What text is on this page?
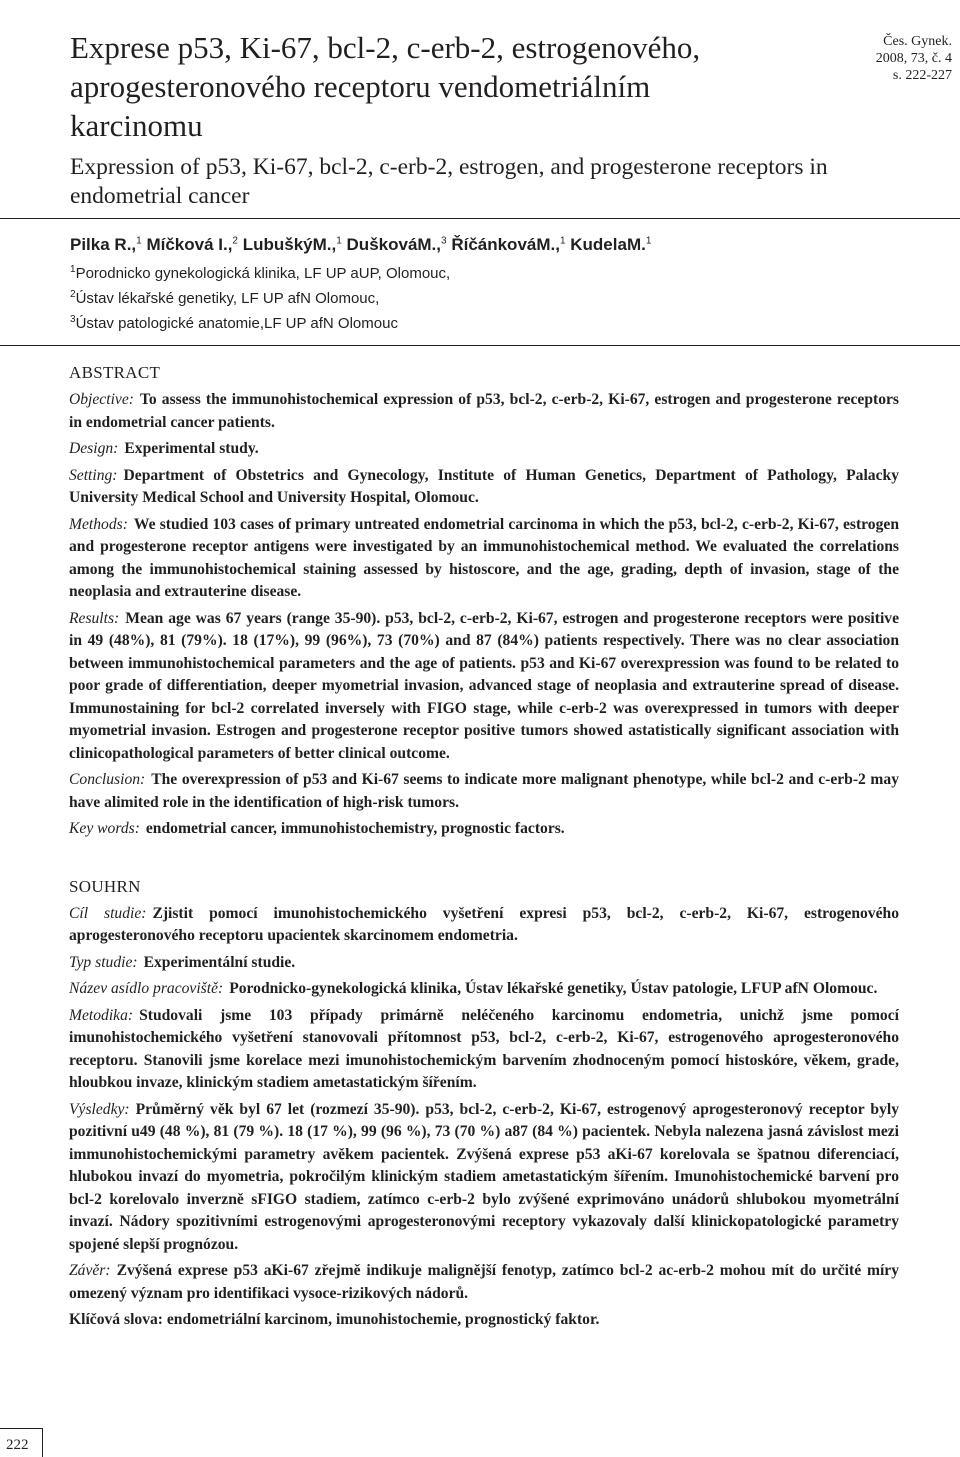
Exprese p53, Ki-67, bcl-2, c-erb-2, estrogenového, aprogesteronového receptoru vendometriálním karcinomu
Čes. Gynek.
2008, 73, č. 4
s. 222-227
Expression of p53, Ki-67, bcl-2, c-erb-2, estrogen, and progesterone receptors in endometrial cancer
Pilka R.,$^1$ Míčková I.,$^2$ LubuškýM.,$^1$ DuškováM.,$^3$ ŘíčánkováM.,$^1$ KudelaM.$^1$
$^1$Porodnicko gynekologická klinika, LF UP aUP, Olomouc,
$^2$Ústav lékařské genetiky, LF UP afN Olomouc,
$^3$Ústav patologické anatomie,LF UP afN Olomouc
ABSTRACT

Objective: To assess the immunohistochemical expression of p53, bcl-2, c-erb-2, Ki-67, estrogen and progesterone receptors in endometrial cancer patients.

Design: Experimental study.

Setting: Department of Obstetrics and Gynecology, Institute of Human Genetics, Department of Pathology, Palacky University Medical School and University Hospital, Olomouc.

Methods: We studied 103 cases of primary untreated endometrial carcinoma in which the p53, bcl-2, c-erb-2, Ki-67, estrogen and progesterone receptor antigens were investigated by an immunohistochemical method. We evaluated the correlations among the immunohistochemical staining assessed by histoscore, and the age, grading, depth of invasion, stage of the neoplasia and extrauterine disease.

Results: Mean age was 67 years (range 35-90). p53, bcl-2, c-erb-2, Ki-67, estrogen and progesterone receptors were positive in 49 (48%), 81 (79%). 18 (17%), 99 (96%), 73 (70%) and 87 (84%) patients respectively. There was no clear association between immunohistochemical parameters and the age of patients. p53 and Ki-67 overexpression was found to be related to poor grade of differentiation, deeper myometrial invasion, advanced stage of neoplasia and extrauterine spread of disease. Immunostaining for bcl-2 correlated inversely with FIGO stage, while c-erb-2 was overexpressed in tumors with deeper myometrial invasion. Estrogen and progesterone receptor positive tumors showed astatistically significant association with clinicopathological parameters of better clinical outcome.

Conclusion: The overexpression of p53 and Ki-67 seems to indicate more malignant phenotype, while bcl-2 and c-erb-2 may have alimited role in the identification of high-risk tumors.

Key words: endometrial cancer, immunohistochemistry, prognostic factors.

SOUHRN

Cíl studie: Zjistit pomocí imunohistochemického vyšetření expresi p53, bcl-2, c-erb-2, Ki-67, estrogenového aprogesteronového receptoru upacientek skarcinomem endometria.

Typ studie: Experimentální studie.

Název asídlo pracoviště: Porodnicko-gynekologická klinika, Ústav lékařské genetiky, Ústav patologie, LFUP afN Olomouc.

Metodika: Studovali jsme 103 případy primárně neléčeného karcinomu endometria, unichž jsme pomocí imunohistochemického vyšetření stanovovali přítomnost p53, bcl-2, c-erb-2, Ki-67, estrogenového aprogesteronového receptoru. Stanovili jsme korelace mezi imunohistochemickým barvením zhodnoceným pomocí histoskóre, věkem, grade, hloubkou invaze, klinickým stadiem ametastatickým šířením.

Výsledky: Průměrný věk byl 67 let (rozmezí 35-90). p53, bcl-2, c-erb-2, Ki-67, estrogenový aprogesteronový receptor byly pozitivní u49 (48 %), 81 (79 %). 18 (17 %), 99 (96 %), 73 (70 %) a87 (84 %) pacientek. Nebyla nalezena jasná závislost mezi immunohistochemickými parametry avěkem pacientek. Zvýšená exprese p53 aKi-67 korelovala se špatnou diferenciací, hlubokou invazí do myometria, pokročilým klinickým stadiem ametastatickým šířením. Imunohistochemické barvení pro bcl-2 korelovalo inverzně sFIGO stadiem, zatímco c-erb-2 bylo zvýšené exprimováno unádorů shlubokou myometrální invazí. Nádory spozitivními estrogenovými aprogesteronovými receptory vykazovaly další klinickopatologické parametry spojené slepší prognózou.

Závěr: Zvýšená exprese p53 aKi-67 zřejmě indikuje malignější fenotyp, zatímco bcl-2 ac-erb-2 mohou mít do určité míry omezený význam pro identifikaci vysoce-rizikových nádorů.

Klíčová slova: endometriální karcinom, imunohistochemie, prognostický faktor.

222
